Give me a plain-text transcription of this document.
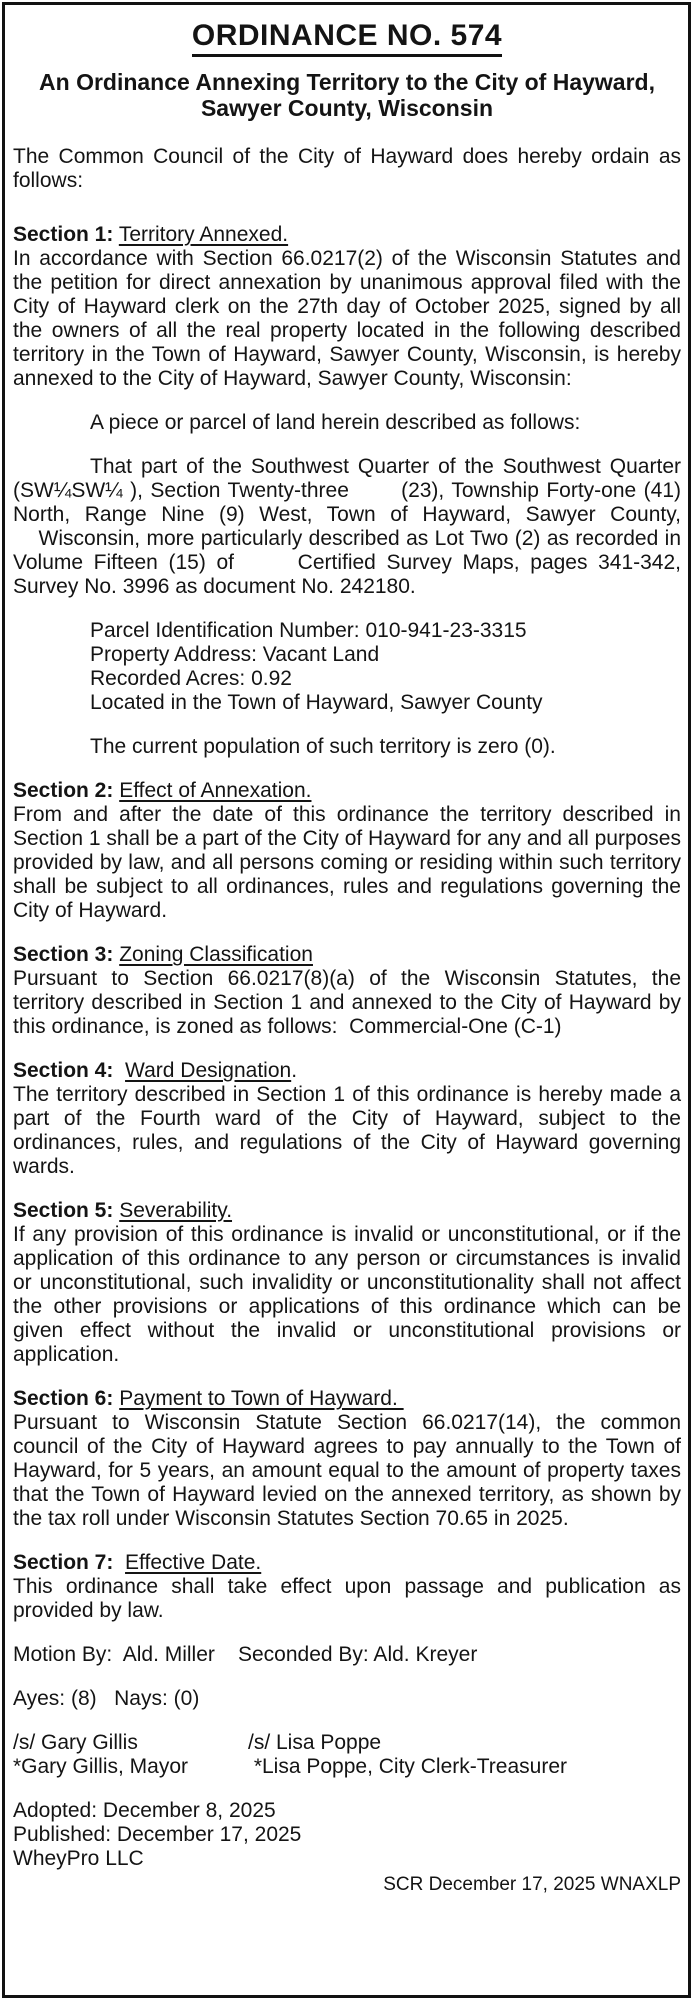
ORDINANCE NO. 574
An Ordinance Annexing Territory to the City of Hayward,
Sawyer County, Wisconsin
The Common Council of the City of Hayward does hereby ordain as follows:
Section 1: Territory Annexed.
In accordance with Section 66.0217(2) of the Wisconsin Statutes and the petition for direct annexation by unanimous approval filed with the City of Hayward clerk on the 27th day of October 2025, signed by all the owners of all the real property located in the following described territory in the Town of Hayward, Sawyer County, Wisconsin, is hereby annexed to the City of Hayward, Sawyer County, Wisconsin:
A piece or parcel of land herein described as follows:
That part of the Southwest Quarter of the Southwest Quarter (SW¼SW¼ ), Section Twenty-three       (23), Township Forty-one (41) North, Range Nine (9) West, Town of Hayward, Sawyer County,     Wisconsin, more particularly described as Lot Two (2) as recorded in Volume Fifteen (15) of      Certified Survey Maps, pages 341-342, Survey No. 3996 as document No. 242180.
Parcel Identification Number: 010-941-23-3315
Property Address: Vacant Land
Recorded Acres: 0.92
Located in the Town of Hayward, Sawyer County
The current population of such territory is zero (0).
Section 2: Effect of Annexation.
From and after the date of this ordinance the territory described in Section 1 shall be a part of the City of Hayward for any and all purposes provided by law, and all persons coming or residing within such territory shall be subject to all ordinances, rules and regulations governing the City of Hayward.
Section 3: Zoning Classification
Pursuant to Section 66.0217(8)(a) of the Wisconsin Statutes, the territory described in Section 1 and annexed to the City of Hayward by this ordinance, is zoned as follows:  Commercial-One (C-1)
Section 4:  Ward Designation.
The territory described in Section 1 of this ordinance is hereby made a part of the Fourth ward of the City of Hayward, subject to the ordinances, rules, and regulations of the City of Hayward governing wards.
Section 5: Severability.
If any provision of this ordinance is invalid or unconstitutional, or if the application of this ordinance to any person or circumstances is invalid or unconstitutional, such invalidity or unconstitutionality shall not affect the other provisions or applications of this ordinance which can be given effect without the invalid or unconstitutional provisions or application.
Section 6: Payment to Town of Hayward.
Pursuant to Wisconsin Statute Section 66.0217(14), the common council of the City of Hayward agrees to pay annually to the Town of Hayward, for 5 years, an amount equal to the amount of property taxes that the Town of Hayward levied on the annexed territory, as shown by the tax roll under Wisconsin Statutes Section 70.65 in 2025.
Section 7:  Effective Date.
This ordinance shall take effect upon passage and publication as provided by law.
Motion By:  Ald. Miller Seconded By: Ald. Kreyer
Ayes: (8)   Nays: (0)
/s/ Gary Gillis	/s/ Lisa Poppe
*Gary Gillis, Mayor	*Lisa Poppe, City Clerk-Treasurer
Adopted: December 8, 2025
Published: December 17, 2025
WheyPro LLC
SCR December 17, 2025 WNAXLP
